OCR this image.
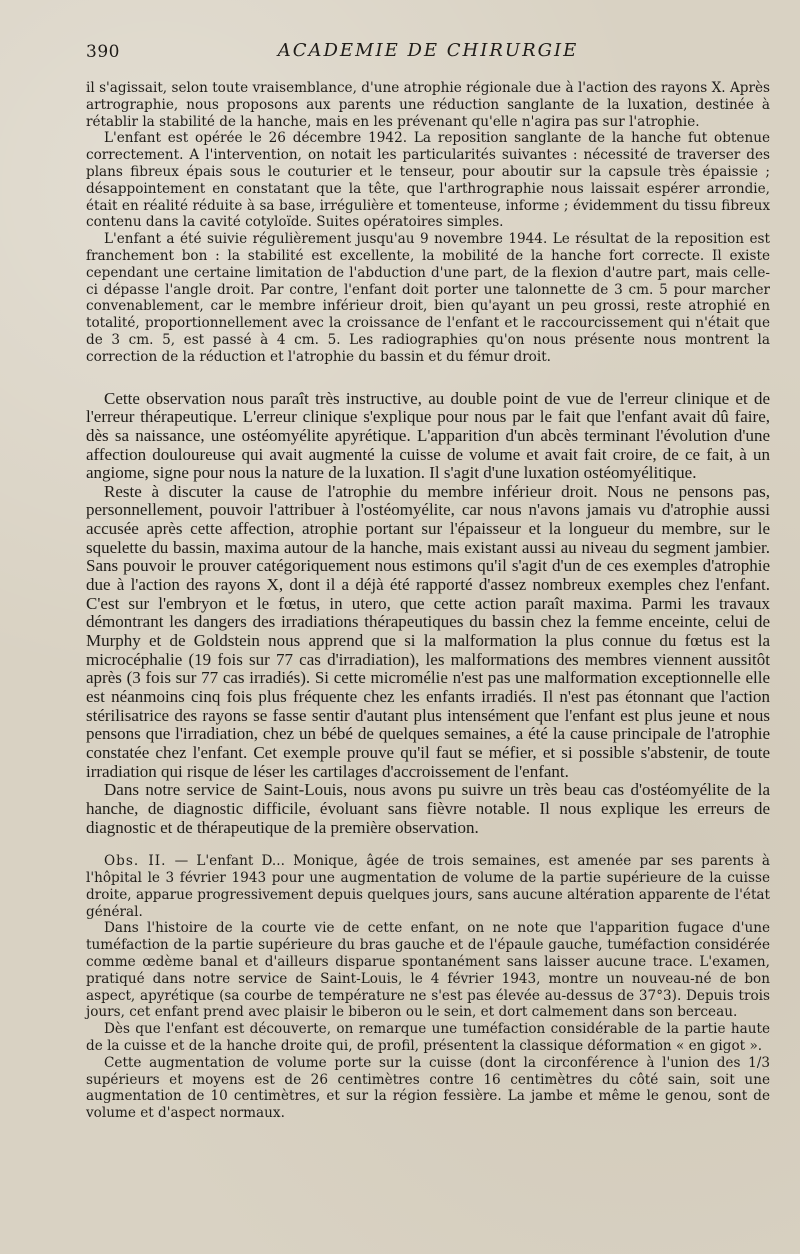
390	ACADEMIE DE CHIRURGIE

il s'agissait, selon toute vraisemblance, d'une atrophie régionale due à l'action des rayons X. Après artrographie, nous proposons aux parents une réduction sanglante de la luxation, destinée à rétablir la stabilité de la hanche, mais en les prévenant qu'elle n'agira pas sur l'atrophie.

L'enfant est opérée le 26 décembre 1942. La reposition sanglante de la hanche fut obtenue correctement. A l'intervention, on notait les particularités suivantes : nécessité de traverser des plans fibreux épais sous le couturier et le tenseur, pour aboutir sur la capsule très épaissie ; désappointement en constatant que la tête, que l'arthrographie nous laissait espérer arrondie, était en réalité réduite à sa base, irrégulière et tomenteuse, informe ; évidemment du tissu fibreux contenu dans la cavité cotyloïde. Suites opératoires simples.

L'enfant a été suivie régulièrement jusqu'au 9 novembre 1944. Le résultat de la reposition est franchement bon : la stabilité est excellente, la mobilité de la hanche fort correcte. Il existe cependant une certaine limitation de l'abduction d'une part, de la flexion d'autre part, mais celle-ci dépasse l'angle droit. Par contre, l'enfant doit porter une talonnette de 3 cm. 5 pour marcher convenablement, car le membre inférieur droit, bien qu'ayant un peu grossi, reste atrophié en totalité, proportionnellement avec la croissance de l'enfant et le raccourcissement qui n'était que de 3 cm. 5, est passé à 4 cm. 5. Les radiographies qu'on nous présente nous montrent la correction de la réduction et l'atrophie du bassin et du fémur droit.

Cette observation nous paraît très instructive, au double point de vue de l'erreur clinique et de l'erreur thérapeutique. L'erreur clinique s'explique pour nous par le fait que l'enfant avait dû faire, dès sa naissance, une ostéomyélite apyrétique. L'apparition d'un abcès terminant l'évolution d'une affection douloureuse qui avait augmenté la cuisse de volume et avait fait croire, de ce fait, à un angiome, signe pour nous la nature de la luxation. Il s'agit d'une luxation ostéomyélitique.

Reste à discuter la cause de l'atrophie du membre inférieur droit. Nous ne pensons pas, personnellement, pouvoir l'attribuer à l'ostéomyélite, car nous n'avons jamais vu d'atrophie aussi accusée après cette affection, atrophie portant sur l'épaisseur et la longueur du membre, sur le squelette du bassin, maxima autour de la hanche, mais existant aussi au niveau du segment jambier. Sans pouvoir le prouver catégoriquement nous estimons qu'il s'agit d'un de ces exemples d'atrophie due à l'action des rayons X, dont il a déjà été rapporté d'assez nombreux exemples chez l'enfant. C'est sur l'embryon et le fœtus, in utero, que cette action paraît maxima. Parmi les travaux démontrant les dangers des irradiations thérapeutiques du bassin chez la femme enceinte, celui de Murphy et de Goldstein nous apprend que si la malformation la plus connue du fœtus est la microcéphalie (19 fois sur 77 cas d'irradiation), les malformations des membres viennent aussitôt après (3 fois sur 77 cas irradiés). Si cette micromélie n'est pas une malformation exceptionnelle elle est néanmoins cinq fois plus fréquente chez les enfants irradiés. Il n'est pas étonnant que l'action stérilisatrice des rayons se fasse sentir d'autant plus intensément que l'enfant est plus jeune et nous pensons que l'irradiation, chez un bébé de quelques semaines, a été la cause principale de l'atrophie constatée chez l'enfant. Cet exemple prouve qu'il faut se méfier, et si possible s'abstenir, de toute irradiation qui risque de léser les cartilages d'accroissement de l'enfant.

Dans notre service de Saint-Louis, nous avons pu suivre un très beau cas d'ostéomyélite de la hanche, de diagnostic difficile, évoluant sans fièvre notable. Il nous explique les erreurs de diagnostic et de thérapeutique de la première observation.

Obs. II. — L'enfant D... Monique, âgée de trois semaines, est amenée par ses parents à l'hôpital le 3 février 1943 pour une augmentation de volume de la partie supérieure de la cuisse droite, apparue progressivement depuis quelques jours, sans aucune altération apparente de l'état général.

Dans l'histoire de la courte vie de cette enfant, on ne note que l'apparition fugace d'une tuméfaction de la partie supérieure du bras gauche et de l'épaule gauche, tuméfaction considérée comme œdème banal et d'ailleurs disparue spontanément sans laisser aucune trace. L'examen, pratiqué dans notre service de Saint-Louis, le 4 février 1943, montre un nouveau-né de bon aspect, apyrétique (sa courbe de température ne s'est pas élevée au-dessus de 37°3). Depuis trois jours, cet enfant prend avec plaisir le biberon ou le sein, et dort calmement dans son berceau.

Dès que l'enfant est découverte, on remarque une tuméfaction considérable de la partie haute de la cuisse et de la hanche droite qui, de profil, présentent la classique déformation « en gigot ».

Cette augmentation de volume porte sur la cuisse (dont la circonférence à l'union des 1/3 supérieurs et moyens est de 26 centimètres contre 16 centimètres du côté sain, soit une augmentation de 10 centimètres, et sur la région fessière. La jambe et même le genou, sont de volume et d'aspect normaux.
